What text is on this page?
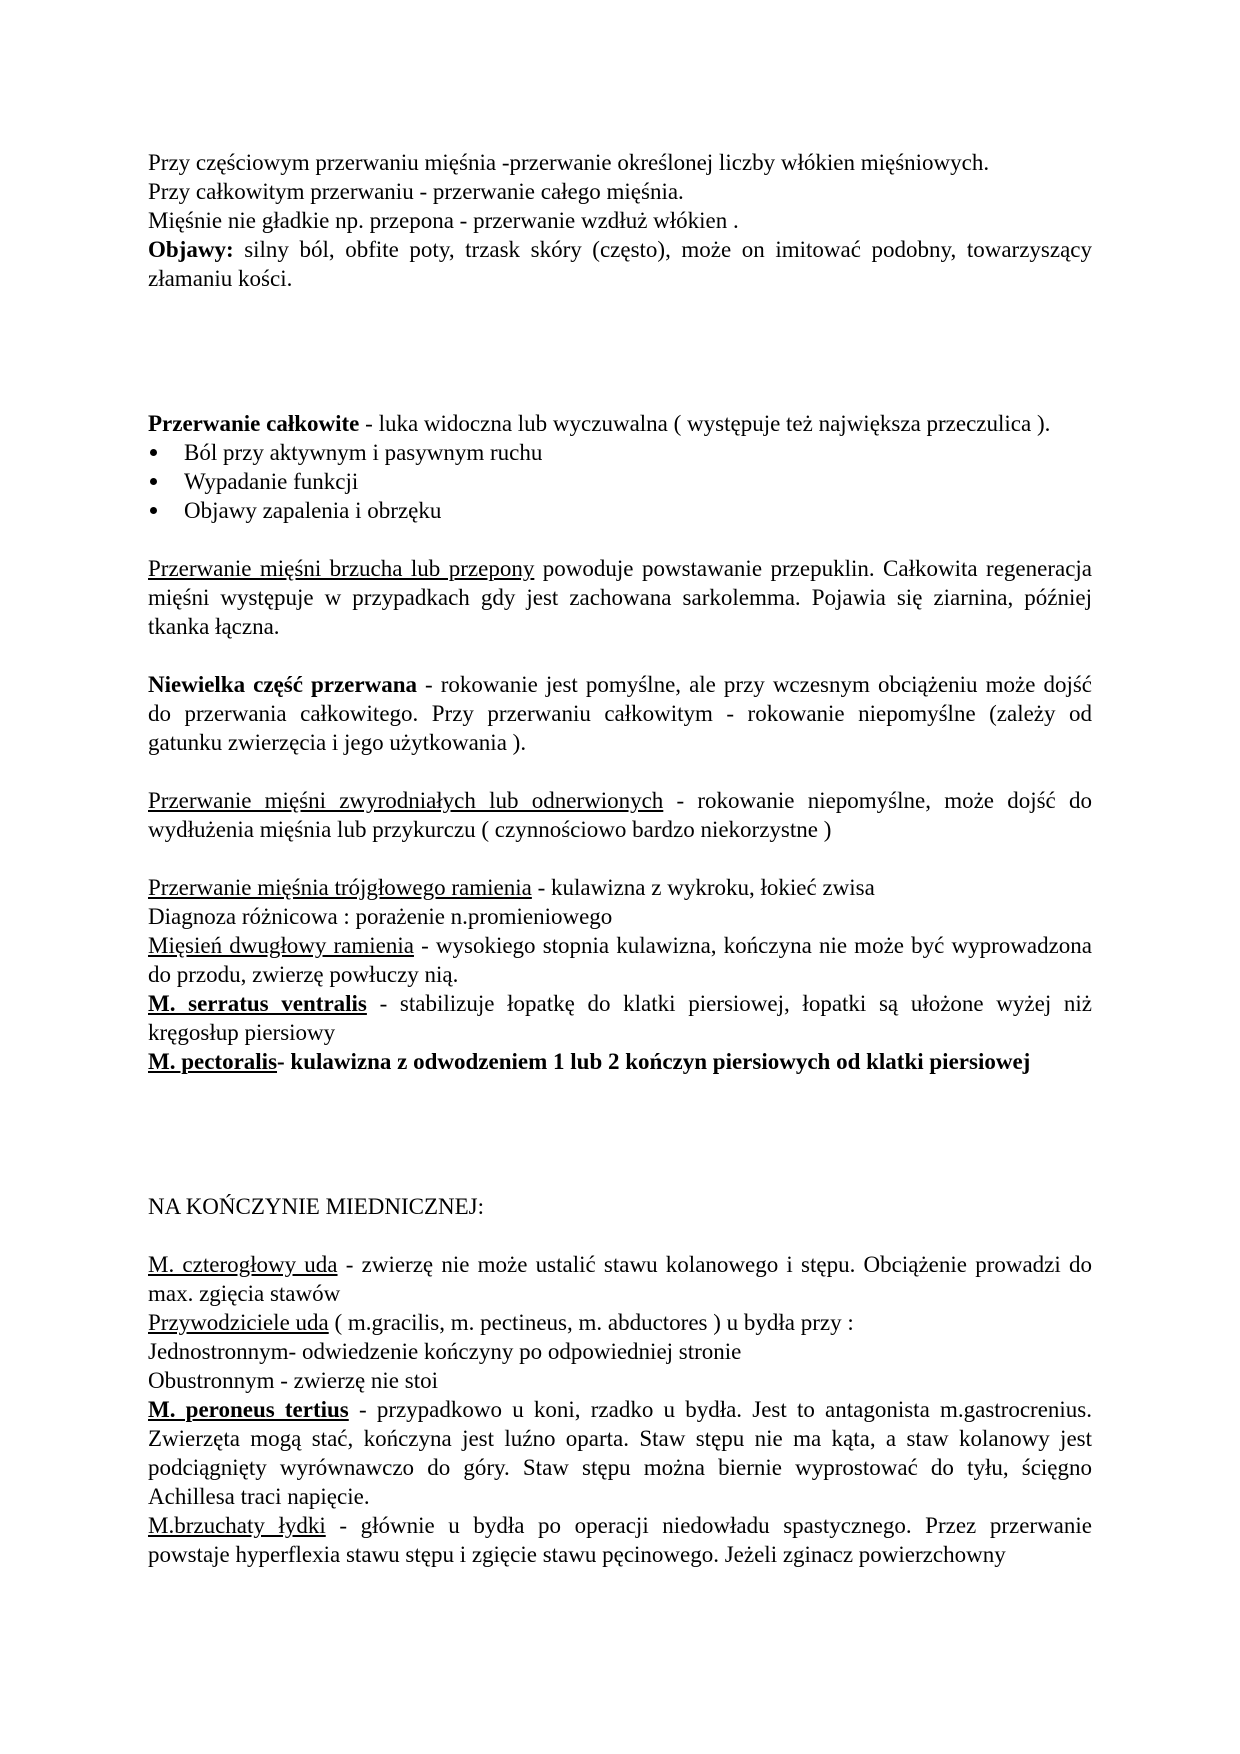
Przy częściowym przerwaniu mięśnia -przerwanie określonej liczby włókien mięśniowych.

Przy całkowitym przerwaniu - przerwanie całego mięśnia.

Mięśnie nie gładkie np. przepona - przerwanie wzdłuż włókien .

Objawy: silny ból, obfite poty, trzask skóry (często), może on imitować podobny, towarzyszący złamaniu kości.

Przerwanie całkowite - luka widoczna lub wyczuwalna ( występuje też największa przeczulica ).

Ból przy aktywnym i pasywnym ruchu
Wypadanie funkcji
Objawy zapalenia i obrzęku

Przerwanie mięśni brzucha lub przepony powoduje powstawanie przepuklin. Całkowita regeneracja mięśni występuje w przypadkach gdy jest zachowana sarkolemma. Pojawia się ziarnina, później tkanka łączna.

Niewielka część przerwana - rokowanie jest pomyślne, ale przy wczesnym obciążeniu może dojść do przerwania całkowitego. Przy przerwaniu całkowitym - rokowanie niepomyślne (zależy od gatunku zwierzęcia i jego użytkowania ).

Przerwanie mięśni zwyrodniałych lub odnerwionych - rokowanie niepomyślne, może dojść do wydłużenia mięśnia lub przykurczu ( czynnościowo bardzo niekorzystne )

Przerwanie mięśnia trójgłowego ramienia - kulawizna z wykroku, łokieć zwisa

Diagnoza różnicowa : porażenie n.promieniowego

Mięsień dwugłowy ramienia - wysokiego stopnia kulawizna, kończyna nie może być wyprowadzona do przodu, zwierzę powłuczy nią.

M. serratus ventralis - stabilizuje łopatkę do klatki piersiowej, łopatki są ułożone wyżej niż kręgosłup piersiowy

M. pectoralis- kulawizna z odwodzeniem 1 lub 2 kończyn piersiowych od klatki piersiowej

NA KOŃCZYNIE MIEDNICZNEJ:

M. czterogłowy uda - zwierzę nie może ustalić stawu kolanowego i stępu. Obciążenie prowadzi do max. zgięcia stawów

Przywodziciele uda ( m.gracilis, m. pectineus, m. abductores ) u bydła przy :

Jednostronnym- odwiedzenie kończyny po odpowiedniej stronie

Obustronnym - zwierzę nie stoi

M. peroneus tertius - przypadkowo u koni, rzadko u bydła. Jest to antagonista m.gastrocrenius. Zwierzęta mogą stać, kończyna jest luźno oparta. Staw stępu nie ma kąta, a staw kolanowy jest podciągnięty wyrównawczo do góry. Staw stępu można biernie wyprostować do tyłu, ścięgno Achillesa traci napięcie.

M.brzuchaty łydki - głównie u bydła po operacji niedowładu spastycznego. Przez przerwanie powstaje hyperflexia stawu stępu i zgięcie stawu pęcinowego. Jeżeli zginacz powierzchowny
